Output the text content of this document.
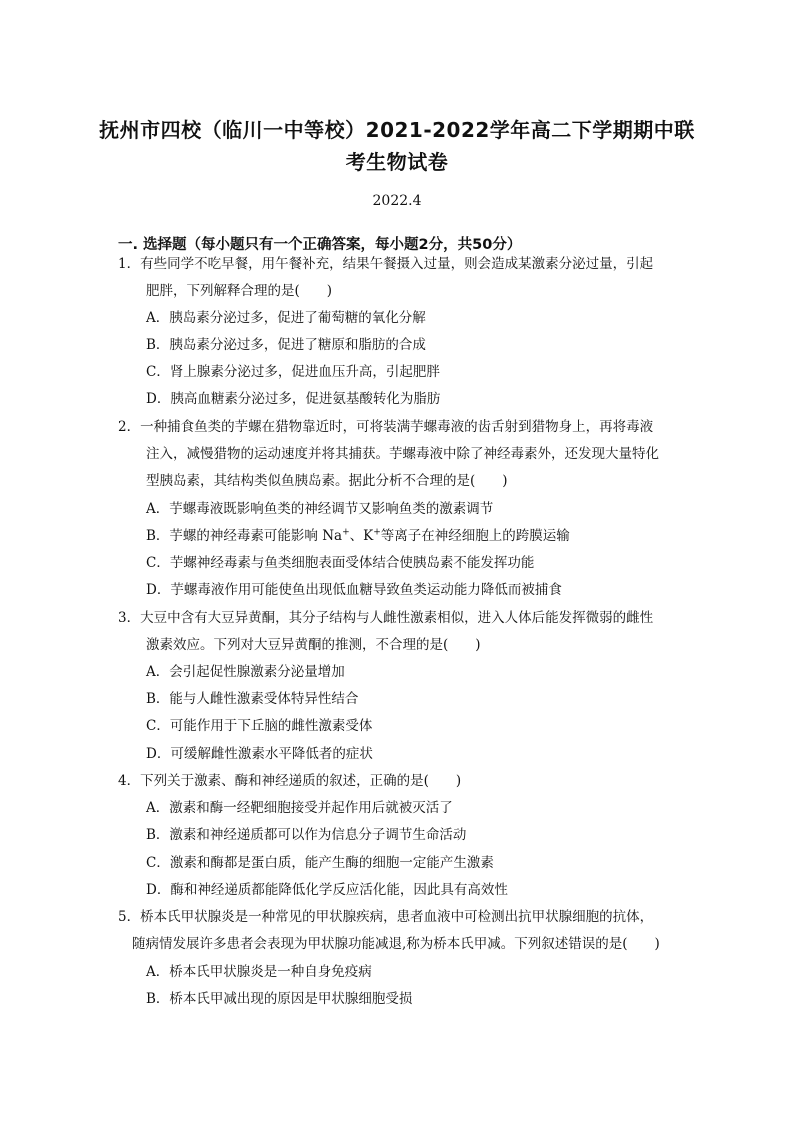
抚州市四校（临川一中等校）2021-2022学年高二下学期期中联
考生物试卷
2022.4
一. 选择题（每小题只有一个正确答案，每小题2分，共50分）
1．有些同学不吃早餐，用午餐补充，结果午餐摄入过量，则会造成某激素分泌过量，引起
肥胖，下列解释合理的是(　　)
A．胰岛素分泌过多，促进了葡萄糖的氧化分解
B．胰岛素分泌过多，促进了糖原和脂肪的合成
C．肾上腺素分泌过多，促进血压升高，引起肥胖
D．胰高血糖素分泌过多，促进氨基酸转化为脂肪
2．一种捕食鱼类的芋螺在猎物靠近时，可将装满芋螺毒液的齿舌射到猎物身上，再将毒液
注入，减慢猎物的运动速度并将其捕获。芋螺毒液中除了神经毒素外，还发现大量特化
型胰岛素，其结构类似鱼胰岛素。据此分析不合理的是(　　)
A．芋螺毒液既影响鱼类的神经调节又影响鱼类的激素调节
B．芋螺的神经毒素可能影响 Na+、K+等离子在神经细胞上的跨膜运输
C．芋螺神经毒素与鱼类细胞表面受体结合使胰岛素不能发挥功能
D．芋螺毒液作用可能使鱼出现低血糖导致鱼类运动能力降低而被捕食
3．大豆中含有大豆异黄酮，其分子结构与人雌性激素相似，进入人体后能发挥微弱的雌性
激素效应。下列对大豆异黄酮的推测，不合理的是(　　)
A．会引起促性腺激素分泌量增加
B．能与人雌性激素受体特异性结合
C．可能作用于下丘脑的雌性激素受体
D．可缓解雌性激素水平降低者的症状
4．下列关于激素、酶和神经递质的叙述，正确的是(　　)
A．激素和酶一经靶细胞接受并起作用后就被灭活了
B．激素和神经递质都可以作为信息分子调节生命活动
C．激素和酶都是蛋白质，能产生酶的细胞一定能产生激素
D．酶和神经递质都能降低化学反应活化能，因此具有高效性
5．桥本氏甲状腺炎是一种常见的甲状腺疾病，患者血液中可检测出抗甲状腺细胞的抗体，
随病情发展许多患者会表现为甲状腺功能减退,称为桥本氏甲减。下列叙述错误的是(　　)
A．桥本氏甲状腺炎是一种自身免疫病
B．桥本氏甲减出现的原因是甲状腺细胞受损
